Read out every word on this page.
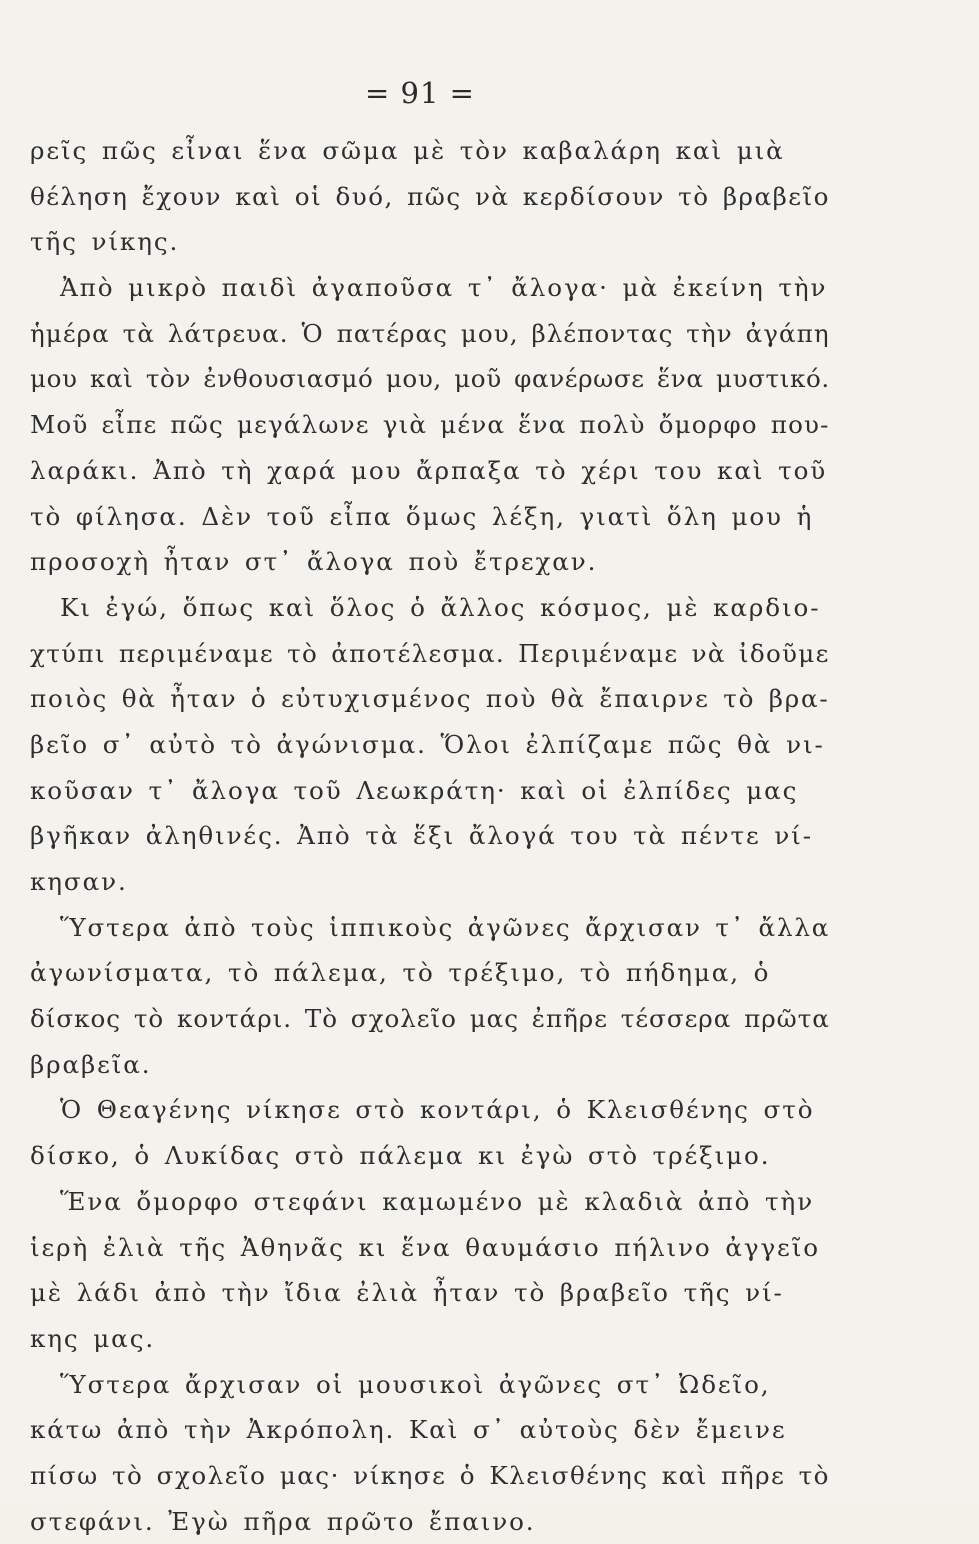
= 91 =
ρεῖς πῶς εἶναι ἕνα σῶμα μὲ τὸν καβαλάρη καὶ μιὰ
θέληση ἔχουν καὶ οἱ δυό, πῶς νὰ κερδίσουν τὸ βραβεῖο
τῆς νίκης.
Ἀπὸ μικρὸ παιδὶ ἀγαποῦσα τ᾽ ἄλογα· μὰ ἐκείνη τὴν
ἡμέρα τὰ λάτρευα. Ὁ πατέρας μου, βλέποντας τὴν ἀγάπη
μου καὶ τὸν ἐνθουσιασμό μου, μοῦ φανέρωσε ἕνα μυστικό.
Μοῦ εἶπε πῶς μεγάλωνε γιὰ μένα ἕνα πολὺ ὄμορφο που-
λαράκι. Ἀπὸ τὴ χαρά μου ἄρπαξα τὸ χέρι του καὶ τοῦ
τὸ φίλησα. Δὲν τοῦ εἶπα ὅμως λέξη, γιατὶ ὅλη μου ἡ
προσοχὴ ἦταν στ᾽ ἄλογα ποὺ ἔτρεχαν.
Κι ἐγώ, ὅπως καὶ ὅλος ὁ ἄλλος κόσμος, μὲ καρδιο-
χτύπι περιμέναμε τὸ ἀποτέλεσμα. Περιμέναμε νὰ ἰδοῦμε
ποιὸς θὰ ἦταν ὁ εὐτυχισμένος ποὺ θὰ ἔπαιρνε τὸ βρα-
βεῖο σ᾽ αὐτὸ τὸ ἀγώνισμα. Ὅλοι ἐλπίζαμε πῶς θὰ νι-
κοῦσαν τ᾽ ἄλογα τοῦ Λεωκράτη· καὶ οἱ ἐλπίδες μας
βγῆκαν ἀληθινές. Ἀπὸ τὰ ἕξι ἄλογά του τὰ πέντε νί-
κησαν.
Ὕστερα ἀπὸ τοὺς ἱππικοὺς ἀγῶνες ἄρχισαν τ᾽ ἄλλα
ἀγωνίσματα, τὸ πάλεμα, τὸ τρέξιμο, τὸ πήδημα, ὁ
δίσκος τὸ κοντάρι. Τὸ σχολεῖο μας ἐπῆρε τέσσερα πρῶτα
βραβεῖα.
Ὁ Θεαγένης νίκησε στὸ κοντάρι, ὁ Κλεισθένης στὸ
δίσκο, ὁ Λυκίδας στὸ πάλεμα κι ἐγὼ στὸ τρέξιμο.
Ἕνα ὄμορφο στεφάνι καμωμένο μὲ κλαδιὰ ἀπὸ τὴν
ἱερὴ ἐλιὰ τῆς Ἀθηνᾶς κι ἕνα θαυμάσιο πήλινο ἀγγεῖο
μὲ λάδι ἀπὸ τὴν ἴδια ἐλιὰ ἦταν τὸ βραβεῖο τῆς νί-
κης μας.
Ὕστερα ἄρχισαν οἱ μουσικοὶ ἀγῶνες στ᾽ Ὠδεῖο,
κάτω ἀπὸ τὴν Ἀκρόπολη. Καὶ σ᾽ αὐτοὺς δὲν ἔμεινε
πίσω τὸ σχολεῖο μας· νίκησε ὁ Κλεισθένης καὶ πῆρε τὸ
στεφάνι. Ἐγὼ πῆρα πρῶτο ἔπαινο.
